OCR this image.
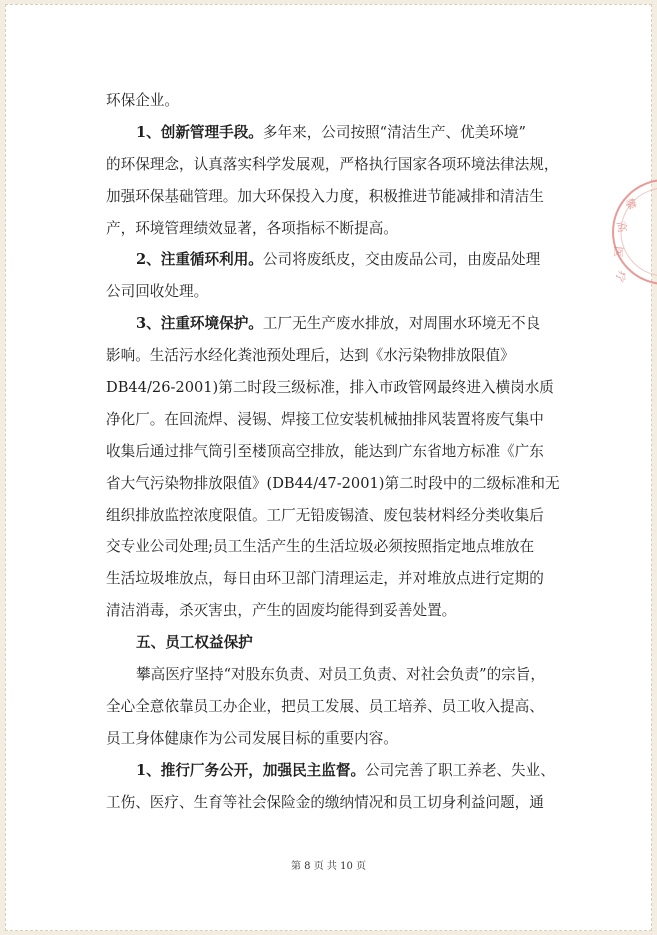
环保企业。
1、创新管理手段。多年来，公司按照“清洁生产、优美环境”
的环保理念，认真落实科学发展观，严格执行国家各项环境法律法规，
加强环保基础管理。加大环保投入力度，积极推进节能减排和清洁生
产，环境管理绩效显著，各项指标不断提高。
2、注重循环利用。公司将废纸皮，交由废品公司，由废品处理
公司回收处理。
3、注重环境保护。工厂无生产废水排放，对周围水环境无不良
影响。生活污水经化粪池预处理后，达到《水污染物排放限值》
DB44/26-2001)第二时段三级标准，排入市政管网最终进入横岗水质
净化厂。在回流焊、浸锡、焊接工位安装机械抽排风装置将废气集中
收集后通过排气筒引至楼顶高空排放，能达到广东省地方标准《广东
省大气污染物排放限值》(DB44/47-2001)第二时段中的二级标准和无
组织排放监控浓度限值。工厂无铅废锡渣、废包装材料经分类收集后
交专业公司处理;员工生活产生的生活垃圾必须按照指定地点堆放在
生活垃圾堆放点，每日由环卫部门清理运走，并对堆放点进行定期的
清洁消毒，杀灭害虫，产生的固废均能得到妥善处置。
五、员工权益保护
攀高医疗坚持“对股东负责、对员工负责、对社会负责”的宗旨，
全心全意依靠员工办企业，把员工发展、员工培养、员工收入提高、
员工身体健康作为公司发展目标的重要内容。
1、推行厂务公开，加强民主监督。公司完善了职工养老、失业、
工伤、医疗、生育等社会保险金的缴纳情况和员工切身利益问题，通
攀
高
医
疗
第 8 页 共 10 页
